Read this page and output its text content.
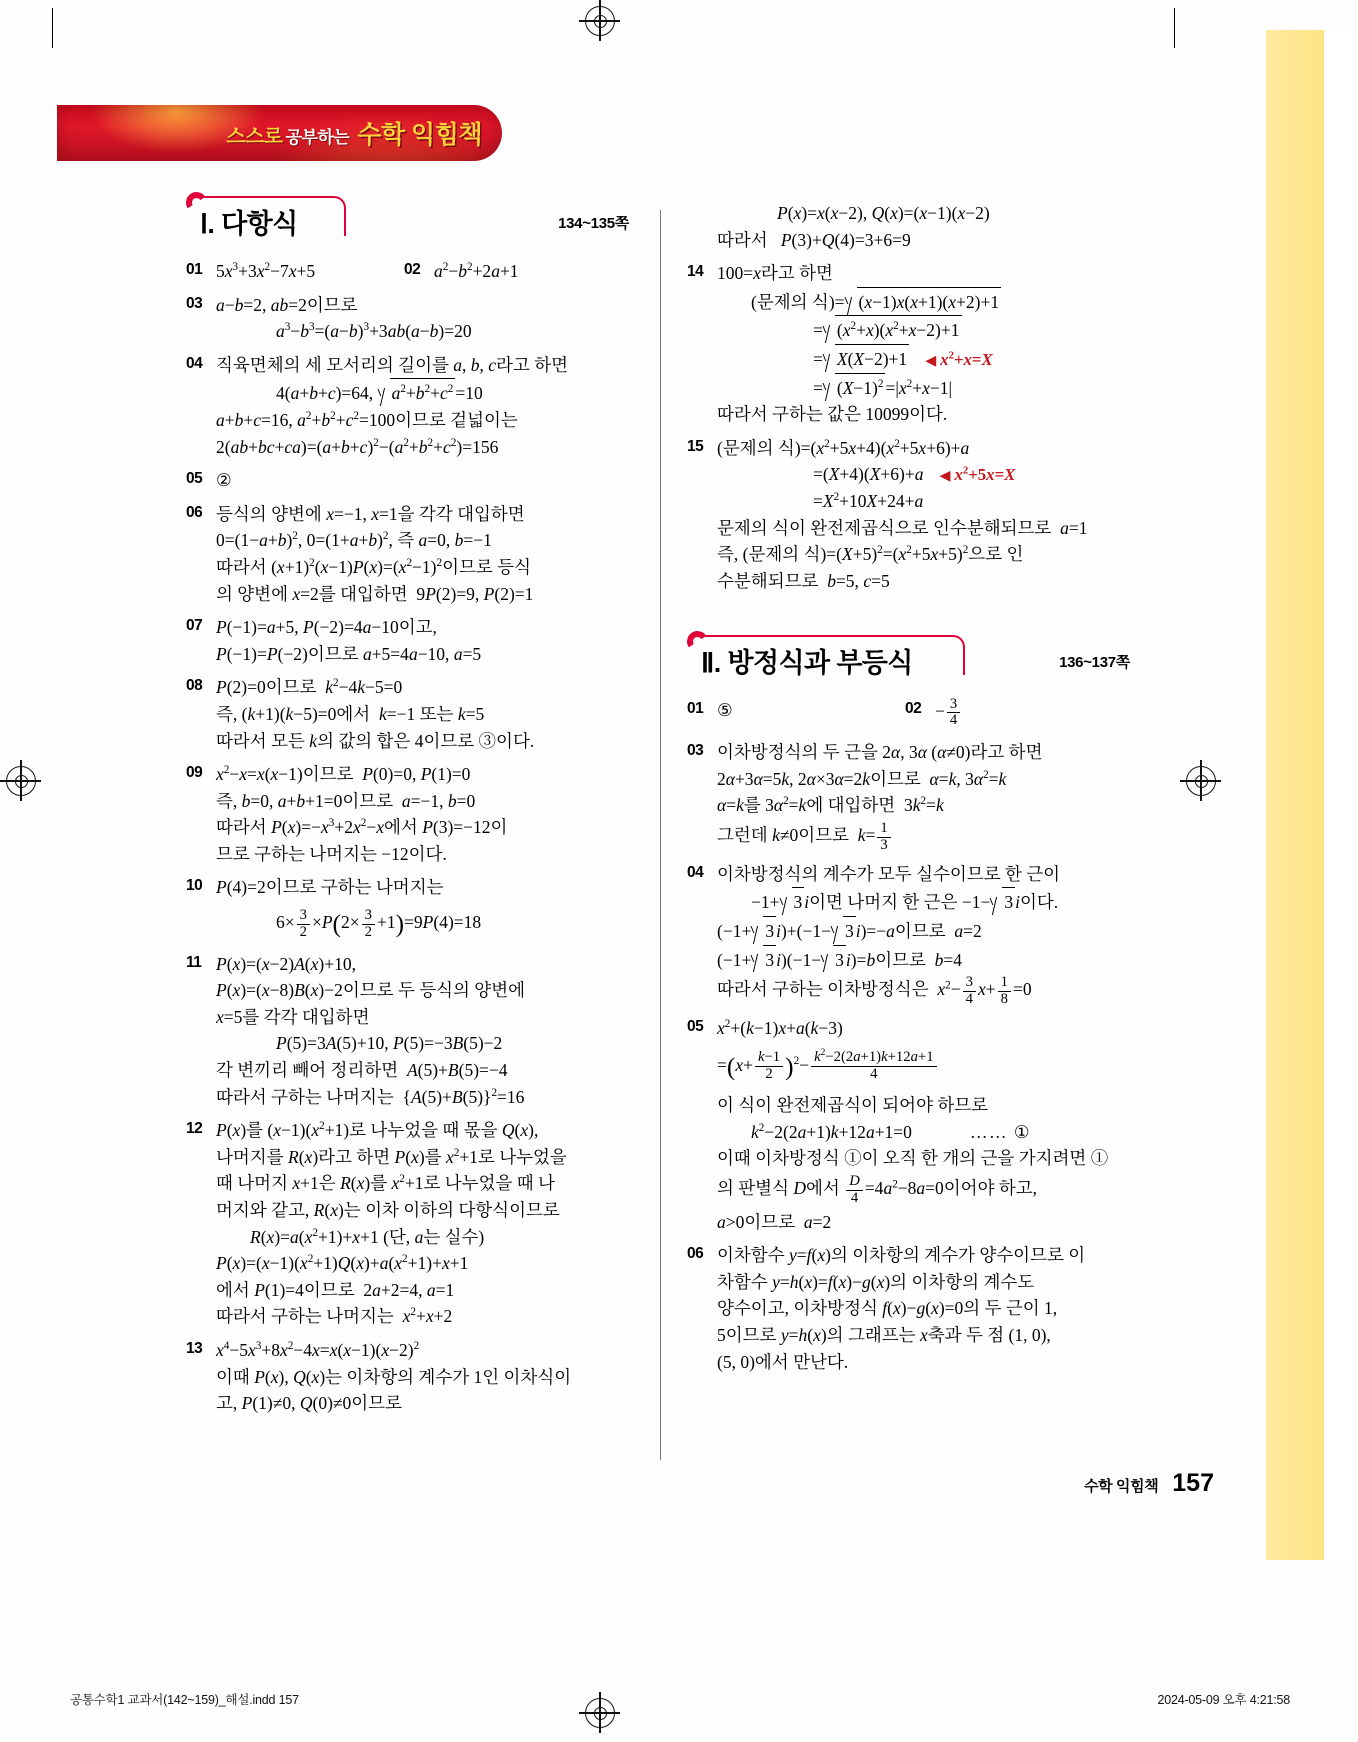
스스로 공부하는 수학 익힘책
Ⅰ. 다항식	134~135쪽
01 $5x^3+3x^2-7x+5$	02 $a^2-b^2+2a+1$
03 a−b=2, ab=2이므로
$a^3-b^3=(a-b)^3+3ab(a-b)=20$
04 직육면체의 세 모서리의 길이를 a, b, c라고 하면
4(a+b+c)=64, $a^2+b^2+c^2 =10$
a+b+c=16, $a^2+b^2+c^2=100$이므로 겉넓이는
$2(ab+bc+ca)=(a+b+c)^2-(a^2+b^2+c^2)=156$
05 ②
06 등식의 양변에 x=−1, x=1을 각각 대입하면
$0=(1-a+b)^2$, $0=(1+a+b)^2$, 즉 a=0, b=−1
따라서 $(x+1)^2(x-1)P(x)=(x^2-1)^2$이므로 등식
의 양변에 x=2를 대입하면  9P(2)=9, P(2)=1
07 P(−1)=a+5, P(−2)=4a−10이고,
P(−1)=P(−2)이므로 a+5=4a−10, a=5
08 P(2)=0이므로  $k^2-4k-5=0$
즉, (k+1)(k−5)=0에서  k=−1 또는 k=5
따라서 모든 k의 값의 합은 4이므로 ③이다.
09 $x^2-x=x(x-1)$이므로  P(0)=0, P(1)=0
즉, b=0, a+b+1=0이므로  a=−1, b=0
따라서 $P(x)=-x^3+2x^2-x$에서 P(3)=−12이
므로 구하는 나머지는 −12이다.
10 P(4)=2이므로 구하는 나머지는
$6\times \frac{3}{2} \times P(2\times \frac{3}{2} +1)=9P(4)=18$
11 P(x)=(x−2)A(x)+10,
P(x)=(x−8)B(x)−2이므로 두 등식의 양변에
x=5를 각각 대입하면
P(5)=3A(5)+10, P(5)=−3B(5)−2
각 변끼리 빼어 정리하면  A(5)+B(5)=−4
따라서 구하는 나머지는  $\{A(5)+B(5)\}^2=16$
12 P(x)를 $(x-1)(x^2+1)$로 나누었을 때 몫을 Q(x),
나머지를 R(x)라고 하면 P(x)를 $x^2+1$로 나누었을
때 나머지 x+1은 R(x)를 $x^2+1$로 나누었을 때 나
머지와 같고, R(x)는 이차 이하의 다항식이므로
$R(x)=a(x^2+1)+x+1$ (단, a는 실수)
$P(x)=(x-1)(x^2+1)Q(x)+a(x^2+1)+x+1$
에서 P(1)=4이므로  2a+2=4, a=1
따라서 구하는 나머지는  $x^2+x+2$
13 $x^4-5x^3+8x^2-4x=x(x-1)(x-2)^2$
이때 P(x), Q(x)는 이차항의 계수가 1인 이차식이
고, P(1)≠0, Q(0)≠0이므로
P(x)=x(x−2), Q(x)=(x−1)(x−2)
따라서   P(3)+Q(4)=3+6=9
14 100=x라고 하면
(문제의 식)= (x−1)x(x+1)(x+2)+1
= $(x^2+x)(x^2+x-2)+1$
= X(X−2)+1 ◀ $x^2+x=X$
= $(X-1)^2 =|x^2+x-1|$
따라서 구하는 값은 10099이다.
15 (문제의 식)$=(x^2+5x+4)(x^2+5x+6)+a$
=(X+4)(X+6)+a ◀ $x^2+5x=X$
$=X^2+10X+24+a$
문제의 식이 완전제곱식으로 인수분해되므로  a=1
즉, (문제의 식)$=(X+5)^2=(x^2+5x+5)^2$으로 인
수분해되므로  b=5, c=5
Ⅱ. 방정식과 부등식	136~137쪽
01 ⑤	$02 - \frac{3}{4}$
03 이차방정식의 두 근을 2α, 3α (α≠0)라고 하면
2α+3α=5k, 2α×3α=2k이므로  α=k, $3\alpha^2=k$
α=k를 $3\alpha^2=k$에 대입하면  $3k^2=k$
그런데 k≠0이므로  $k= \frac{1}{3}$
04 이차방정식의 계수가 모두 실수이므로 한 근이
−1+ 3 i이면 나머지 한 근은 −1− 3 i이다.
(−1+ 3 i)+(−1− 3 i)=−a이므로  a=2
(−1+ 3 i)(−1− 3 i)=b이므로  b=4
따라서 구하는 이차방정식은  $x^2- \frac{3}{4} x+ \frac{1}{8} =0$
05 $x^2+(k-1)x+a(k-3)$
$=(x+ \frac{k-1}{2} )^2- \frac{k^2-2(2a+1)k+12a+1}{4}$
이 식이 완전제곱식이 되어야 하므로
$k^2-2(2a+1)k+12a+1=0$	…… ①
이때 이차방정식 ①이 오직 한 개의 근을 가지려면 ①
의 판별식 D에서 $\frac{D}{4} =4a^2-8a=0$이어야 하고,
a>0이므로  a=2
06 이차함수 y=f(x)의 이차항의 계수가 양수이므로 이
차함수 y=h(x)=f(x)−g(x)의 이차항의 계수도
양수이고, 이차방정식 f(x)−g(x)=0의 두 근이 1,
5이므로 y=h(x)의 그래프는 x축과 두 점 (1, 0),
(5, 0)에서 만난다.
수학 익힘책 157
공통수학1 교과서(142~159)_해설.indd 157	2024-05-09 오후 4:21:58
